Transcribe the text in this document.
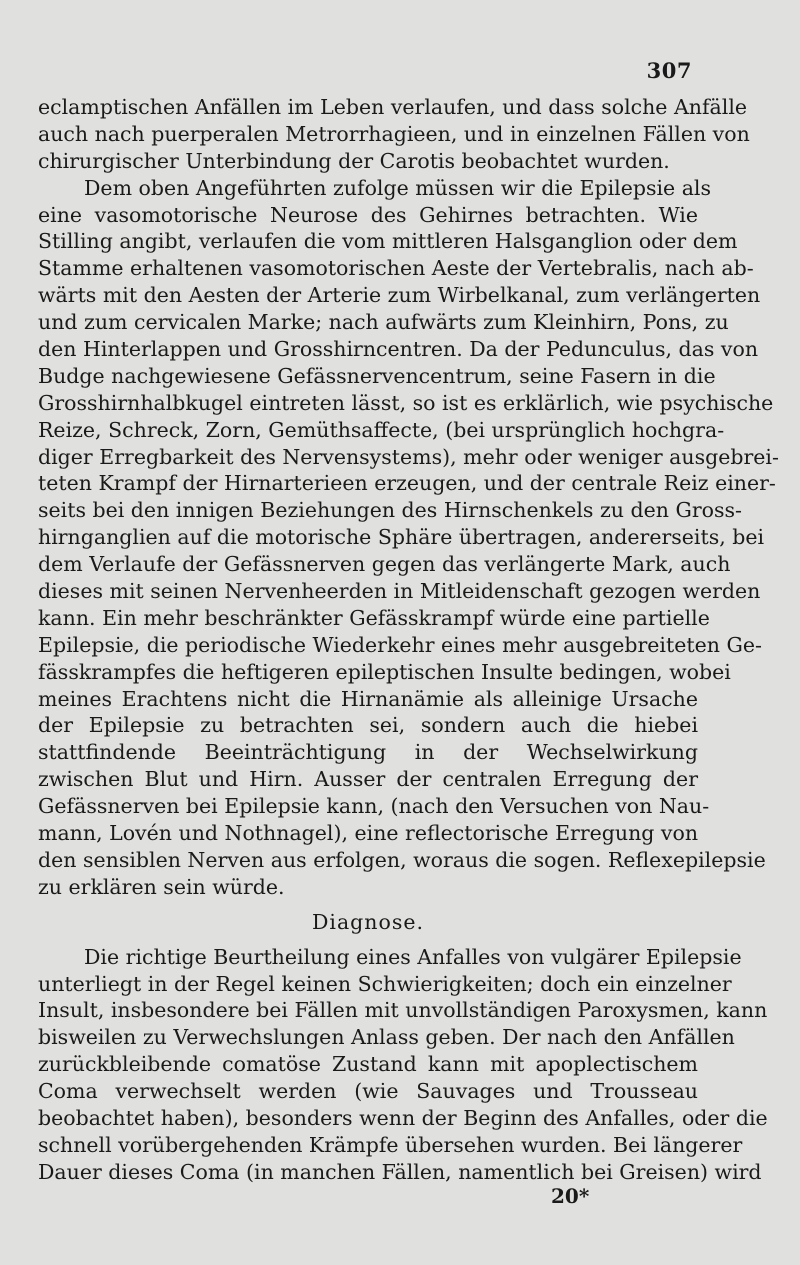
307
eclamptischen Anfällen im Leben verlaufen, und dass solche Anfälle
auch nach puerperalen Metrorrhagieen, und in einzelnen Fällen von
chirurgischer Unterbindung der Carotis beobachtet wurden.
Dem oben Angeführten zufolge müssen wir die Epilepsie als
eine vasomotorische Neurose des Gehirnes betrachten. Wie
Stilling angibt, verlaufen die vom mittleren Halsganglion oder dem
Stamme erhaltenen vasomotorischen Aeste der Vertebralis, nach ab-
wärts mit den Aesten der Arterie zum Wirbelkanal, zum verlängerten
und zum cervicalen Marke; nach aufwärts zum Kleinhirn, Pons, zu
den Hinterlappen und Grosshirncentren. Da der Pedunculus, das von
Budge nachgewiesene Gefässnervencentrum, seine Fasern in die
Grosshirnhalbkugel eintreten lässt, so ist es erklärlich, wie psychische
Reize, Schreck, Zorn, Gemüthsaffecte, (bei ursprünglich hochgra-
diger Erregbarkeit des Nervensystems), mehr oder weniger ausgebrei-
teten Krampf der Hirnarterieen erzeugen, und der centrale Reiz einer-
seits bei den innigen Beziehungen des Hirnschenkels zu den Gross-
hirnganglien auf die motorische Sphäre übertragen, andererseits, bei
dem Verlaufe der Gefässnerven gegen das verlängerte Mark, auch
dieses mit seinen Nervenheerden in Mitleidenschaft gezogen werden
kann. Ein mehr beschränkter Gefässkrampf würde eine partielle
Epilepsie, die periodische Wiederkehr eines mehr ausgebreiteten Ge-
fässkrampfes die heftigeren epileptischen Insulte bedingen, wobei
meines Erachtens nicht die Hirnanämie als alleinige Ursache
der Epilepsie zu betrachten sei, sondern auch die hiebei
stattfindende Beeinträchtigung in der Wechselwirkung
zwischen Blut und Hirn. Ausser der centralen Erregung der
Gefässnerven bei Epilepsie kann, (nach den Versuchen von Nau-
mann, Lovén und Nothnagel), eine reflectorische Erregung von
den sensiblen Nerven aus erfolgen, woraus die sogen. Reflexepilepsie
zu erklären sein würde.
Diagnose.
Die richtige Beurtheilung eines Anfalles von vulgärer Epilepsie
unterliegt in der Regel keinen Schwierigkeiten; doch ein einzelner
Insult, insbesondere bei Fällen mit unvollständigen Paroxysmen, kann
bisweilen zu Verwechslungen Anlass geben. Der nach den Anfällen
zurückbleibende comatöse Zustand kann mit apoplectischem
Coma verwechselt werden (wie Sauvages und Trousseau
beobachtet haben), besonders wenn der Beginn des Anfalles, oder die
schnell vorübergehenden Krämpfe übersehen wurden. Bei längerer
Dauer dieses Coma (in manchen Fällen, namentlich bei Greisen) wird
20*
